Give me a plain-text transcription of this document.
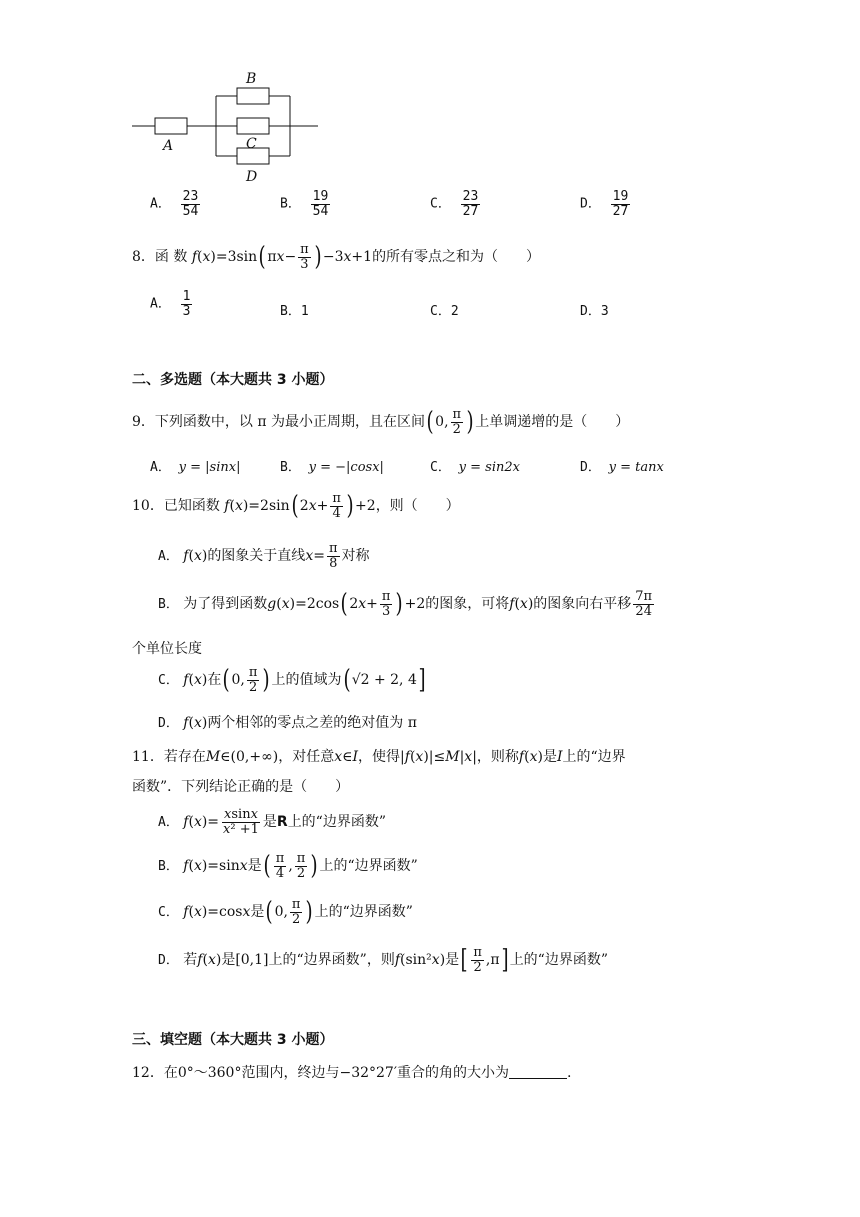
B
A	C
D
A． $\frac{23}{54}$	B． $\frac{19}{54}$	C． $\frac{23}{27}$	D． $\frac{19}{27}$
8．函 数 f(x)=3sin( $\pi x- \frac{\pi}{3}$ ) −3x+1的所有零点之和为（　　）
A． $\frac{1}{3}$	B．1	C．2	D．3
二、多选题（本大题共 3 小题）
9．下列函数中，以 π 为最小正周期，且在区间( 0, $\frac{\pi}{2}$ ) 上单调递增的是（　　）
A． y = |sinx|	B． y = −|cosx|	C． y = sin2x	D． y = tanx
10．已知函数 f(x)=2sin( $2x+ \frac{\pi}{4}$ ) +2，则（　　）
A． f(x)的图象关于直线$x= \frac{\pi}{8}$ 对称
B． 为了得到函数g(x)=2cos( $2x+ \frac{\pi}{3}$ ) +2的图象，可将f(x)的图象向右平移 $\frac{7\pi}{24}$
个单位长度
C． f(x)在( 0, $\frac{\pi}{2}$ ) 上的值域为( √2 + 2, 4]
D． f(x)两个相邻的零点之差的绝对值为 π
11．若存在M∈(0,+∞)，对任意x∈I，使得|f(x)|≤M|x|，则称f(x)是I上的“边界
函数”．下列结论正确的是（　　）
A． $f(x)= \frac{xsinx}{\text{x² +1}}$ 是R上的“边界函数”
B． f(x)=sinx是( $\frac{\pi}{4}$ , $\frac{\pi}{2}$ ) 上的“边界函数”
C． f(x)=cosx是( 0, $\frac{\pi}{2}$ ) 上的“边界函数”
D． 若f(x)是[0,1]上的“边界函数”，则f(sin²x)是[ $\frac{\pi}{2} ,\pi$] 上的“边界函数”
三、填空题（本大题共 3 小题）
12．在0°～360°范围内，终边与−32°27′重合的角的大小为	.
